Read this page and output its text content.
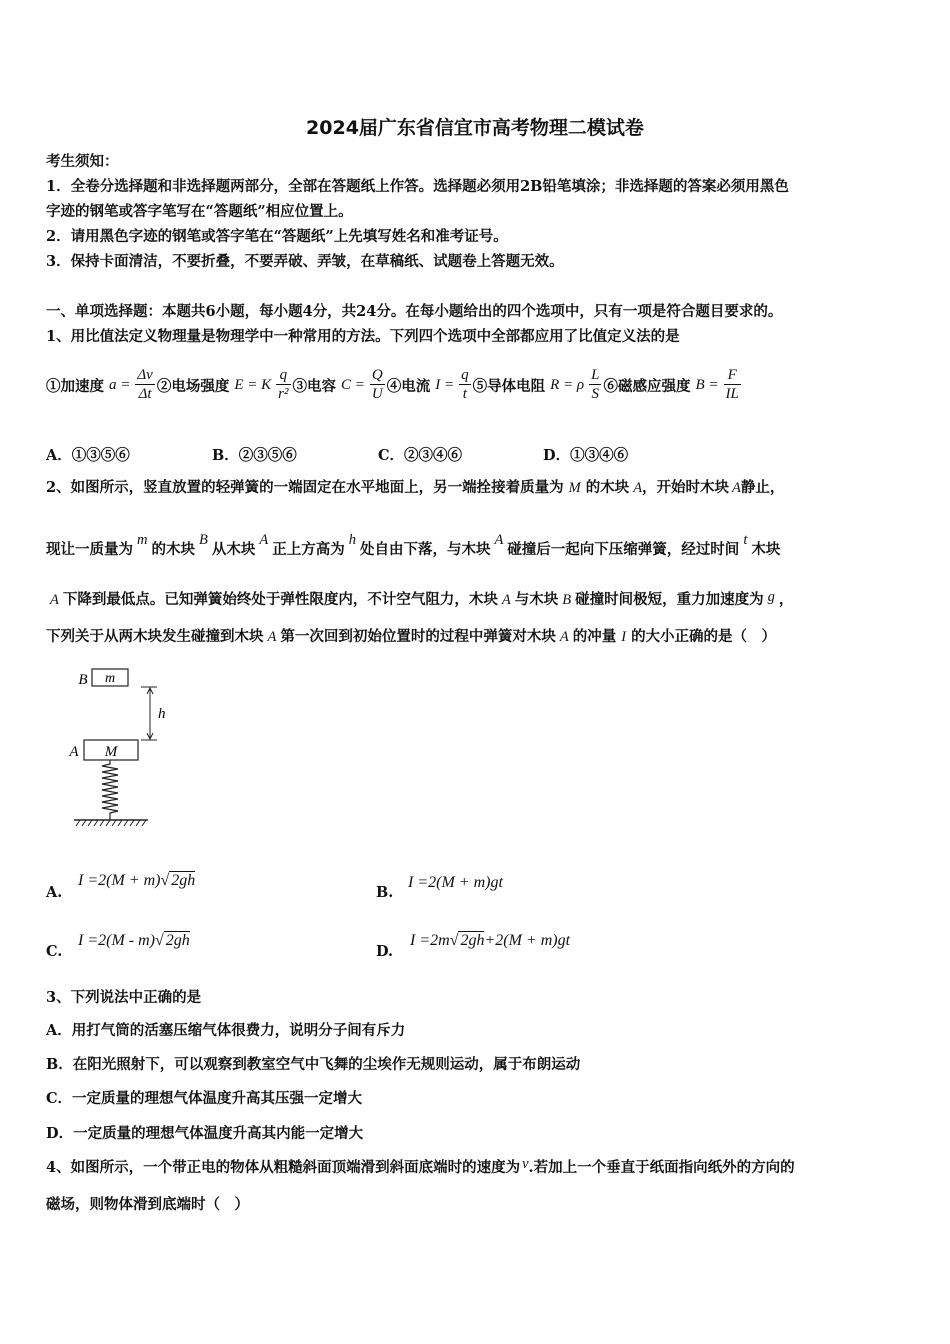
2024届广东省信宜市高考物理二模试卷
考生须知：
1．全卷分选择题和非选择题两部分，全部在答题纸上作答。选择题必须用2B铅笔填涂；非选择题的答案必须用黑色
字迹的钢笔或答字笔写在“答题纸”相应位置上。
2．请用黑色字迹的钢笔或答字笔在“答题纸”上先填写姓名和准考证号。
3．保持卡面清洁，不要折叠，不要弄破、弄皱，在草稿纸、试题卷上答题无效。
一、单项选择题：本题共6小题，每小题4分，共24分。在每小题给出的四个选项中，只有一项是符合题目要求的。
1、用比值法定义物理量是物理学中一种常用的方法。下列四个选项中全部都应用了比值定义法的是
①加速度 $a = \frac{\Delta v}{\Delta t}$ ②电场强度 E = K $\frac{q}{\text{r²}}$ ③电容 $C = \frac{Q}{U}$ ④电流 $I = \frac{q}{t}$ ⑤导体电阻 R = ρ $\frac{L}{S}$ ⑥磁感应强度 $B = \frac{F}{IL}$
A．①③⑤⑥	B．②③⑤⑥	C．②③④⑥	D．①③④⑥
2、如图所示，竖直放置的轻弹簧的一端固定在水平地面上，另一端拴接着质量为 M 的木块 A，开始时木块 A静止，
现让一质量为m的木块B从木块A正上方高为h处自由下落，与木块A碰撞后一起向下压缩弹簧，经过时间t木块
A 下降到最低点。已知弹簧始终处于弹性限度内，不计空气阻力，木块 A 与木块 B 碰撞时间极短，重力加速度为 g ，
下列关于从两木块发生碰撞到木块 A 第一次回到初始位置时的过程中弹簧对木块 A 的冲量 I 的大小正确的是（　）
m
B
h
M
A
A.
I =2(M + m)√ 2gh
B.
I =2(M + m)gt
C.
I =2(M - m)√ 2gh
D.
I =2m√ 2gh+2(M + m)gt
3、下列说法中正确的是
A．用打气筒的活塞压缩气体很费力，说明分子间有斥力
B．在阳光照射下，可以观察到教室空气中飞舞的尘埃作无规则运动，属于布朗运动
C．一定质量的理想气体温度升高其压强一定增大
D．一定质量的理想气体温度升高其内能一定增大
4、如图所示，一个带正电的物体从粗糙斜面顶端滑到斜面底端时的速度为 v.若加上一个垂直于纸面指向纸外的方向的
磁场，则物体滑到底端时（　）
